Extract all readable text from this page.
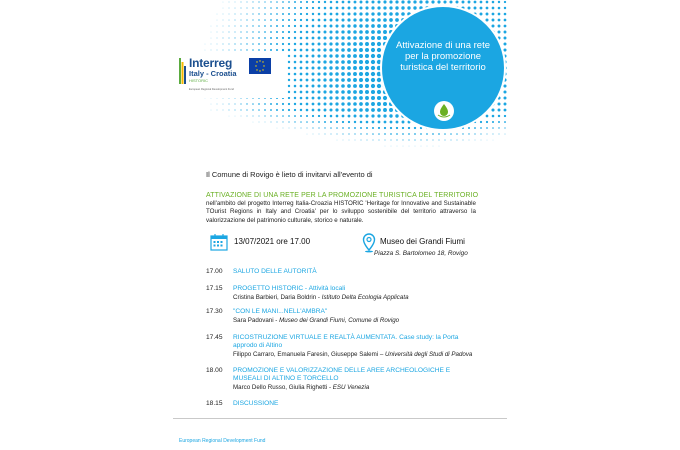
Interreg
Italy - Croatia
HISTORIC
European Regional Development Fund
Attivazione di una rete per la promozione turistica del territorio
Il Comune di Rovigo è lieto di invitarvi all'evento di
ATTIVAZIONE DI UNA RETE PER LA PROMOZIONE TURISTICA DEL TERRITORIO
nell'ambito del progetto Interreg Italia-Croazia HISTORIC 'Heritage for Innovative and Sustainable TOurist Regions in Italy and Croatia' per lo sviluppo sostenibile del territorio attraverso la valorizzazione del patrimonio culturale, storico e naturale.
13/07/2021 ore 17.00	Museo dei Grandi Fiumi
Piazza S. Bartolomeo 18, Rovigo
17.00 SALUTO DELLE AUTORITÀ
17.15 PROGETTO HISTORIC - Attività locali
Cristina Barbieri, Daria Boldrin - Istituto Delta Ecologia Applicata
17.30 "CON LE MANI...NELL'AMBRA"
Sara Padovani - Museo dei Grandi Fiumi, Comune di Rovigo
17.45 RICOSTRUZIONE VIRTUALE E REALTÀ AUMENTATA. Case study: la Porta approdo di Altino
Filippo Carraro, Emanuela Faresin, Giuseppe Salemi – Università degli Studi di Padova
18.00 PROMOZIONE E VALORIZZAZIONE DELLE AREE ARCHEOLOGICHE E MUSEALI DI ALTINO E TORCELLO
Marco Dello Russo, Giulia Righetti - ESU Venezia
18.15 DISCUSSIONE
European Regional Development Fund
